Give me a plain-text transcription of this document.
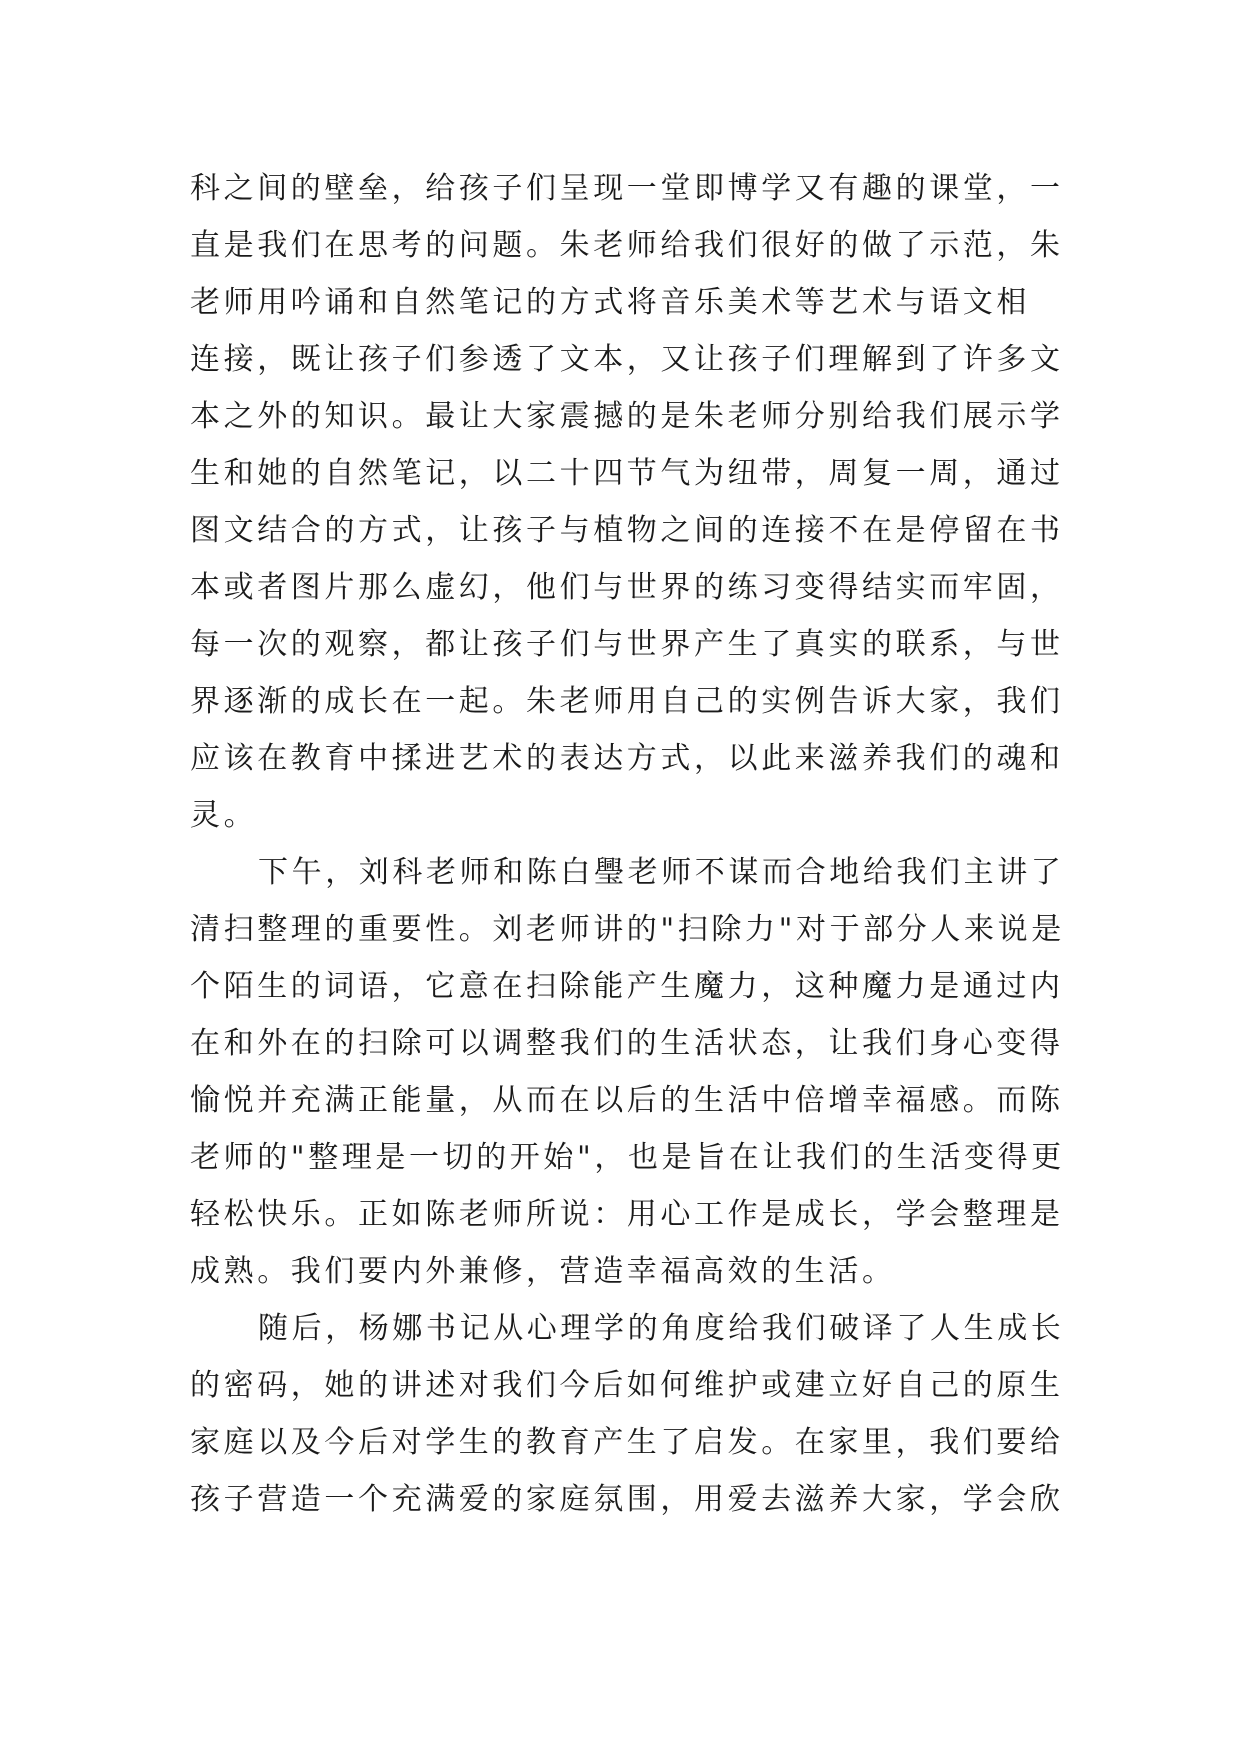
科之间的壁垒，给孩子们呈现一堂即博学又有趣的课堂，一
直是我们在思考的问题。朱老师给我们很好的做了示范，朱
老师用吟诵和自然笔记的方式将音乐美术等艺术与语文相
连接，既让孩子们参透了文本，又让孩子们理解到了许多文
本之外的知识。最让大家震撼的是朱老师分别给我们展示学
生和她的自然笔记，以二十四节气为纽带，周复一周，通过
图文结合的方式，让孩子与植物之间的连接不在是停留在书
本或者图片那么虚幻，他们与世界的练习变得结实而牢固，
每一次的观察，都让孩子们与世界产生了真实的联系，与世
界逐渐的成长在一起。朱老师用自己的实例告诉大家，我们
应该在教育中揉进艺术的表达方式，以此来滋养我们的魂和
灵。
下午，刘科老师和陈白璺老师不谋而合地给我们主讲了
清扫整理的重要性。刘老师讲的"扫除力"对于部分人来说是
个陌生的词语，它意在扫除能产生魔力，这种魔力是通过内
在和外在的扫除可以调整我们的生活状态，让我们身心变得
愉悦并充满正能量，从而在以后的生活中倍增幸福感。而陈
老师的"整理是一切的开始"，也是旨在让我们的生活变得更
轻松快乐。正如陈老师所说：用心工作是成长，学会整理是
成熟。我们要内外兼修，营造幸福高效的生活。
随后，杨娜书记从心理学的角度给我们破译了人生成长
的密码，她的讲述对我们今后如何维护或建立好自己的原生
家庭以及今后对学生的教育产生了启发。在家里，我们要给
孩子营造一个充满爱的家庭氛围，用爱去滋养大家，学会欣
